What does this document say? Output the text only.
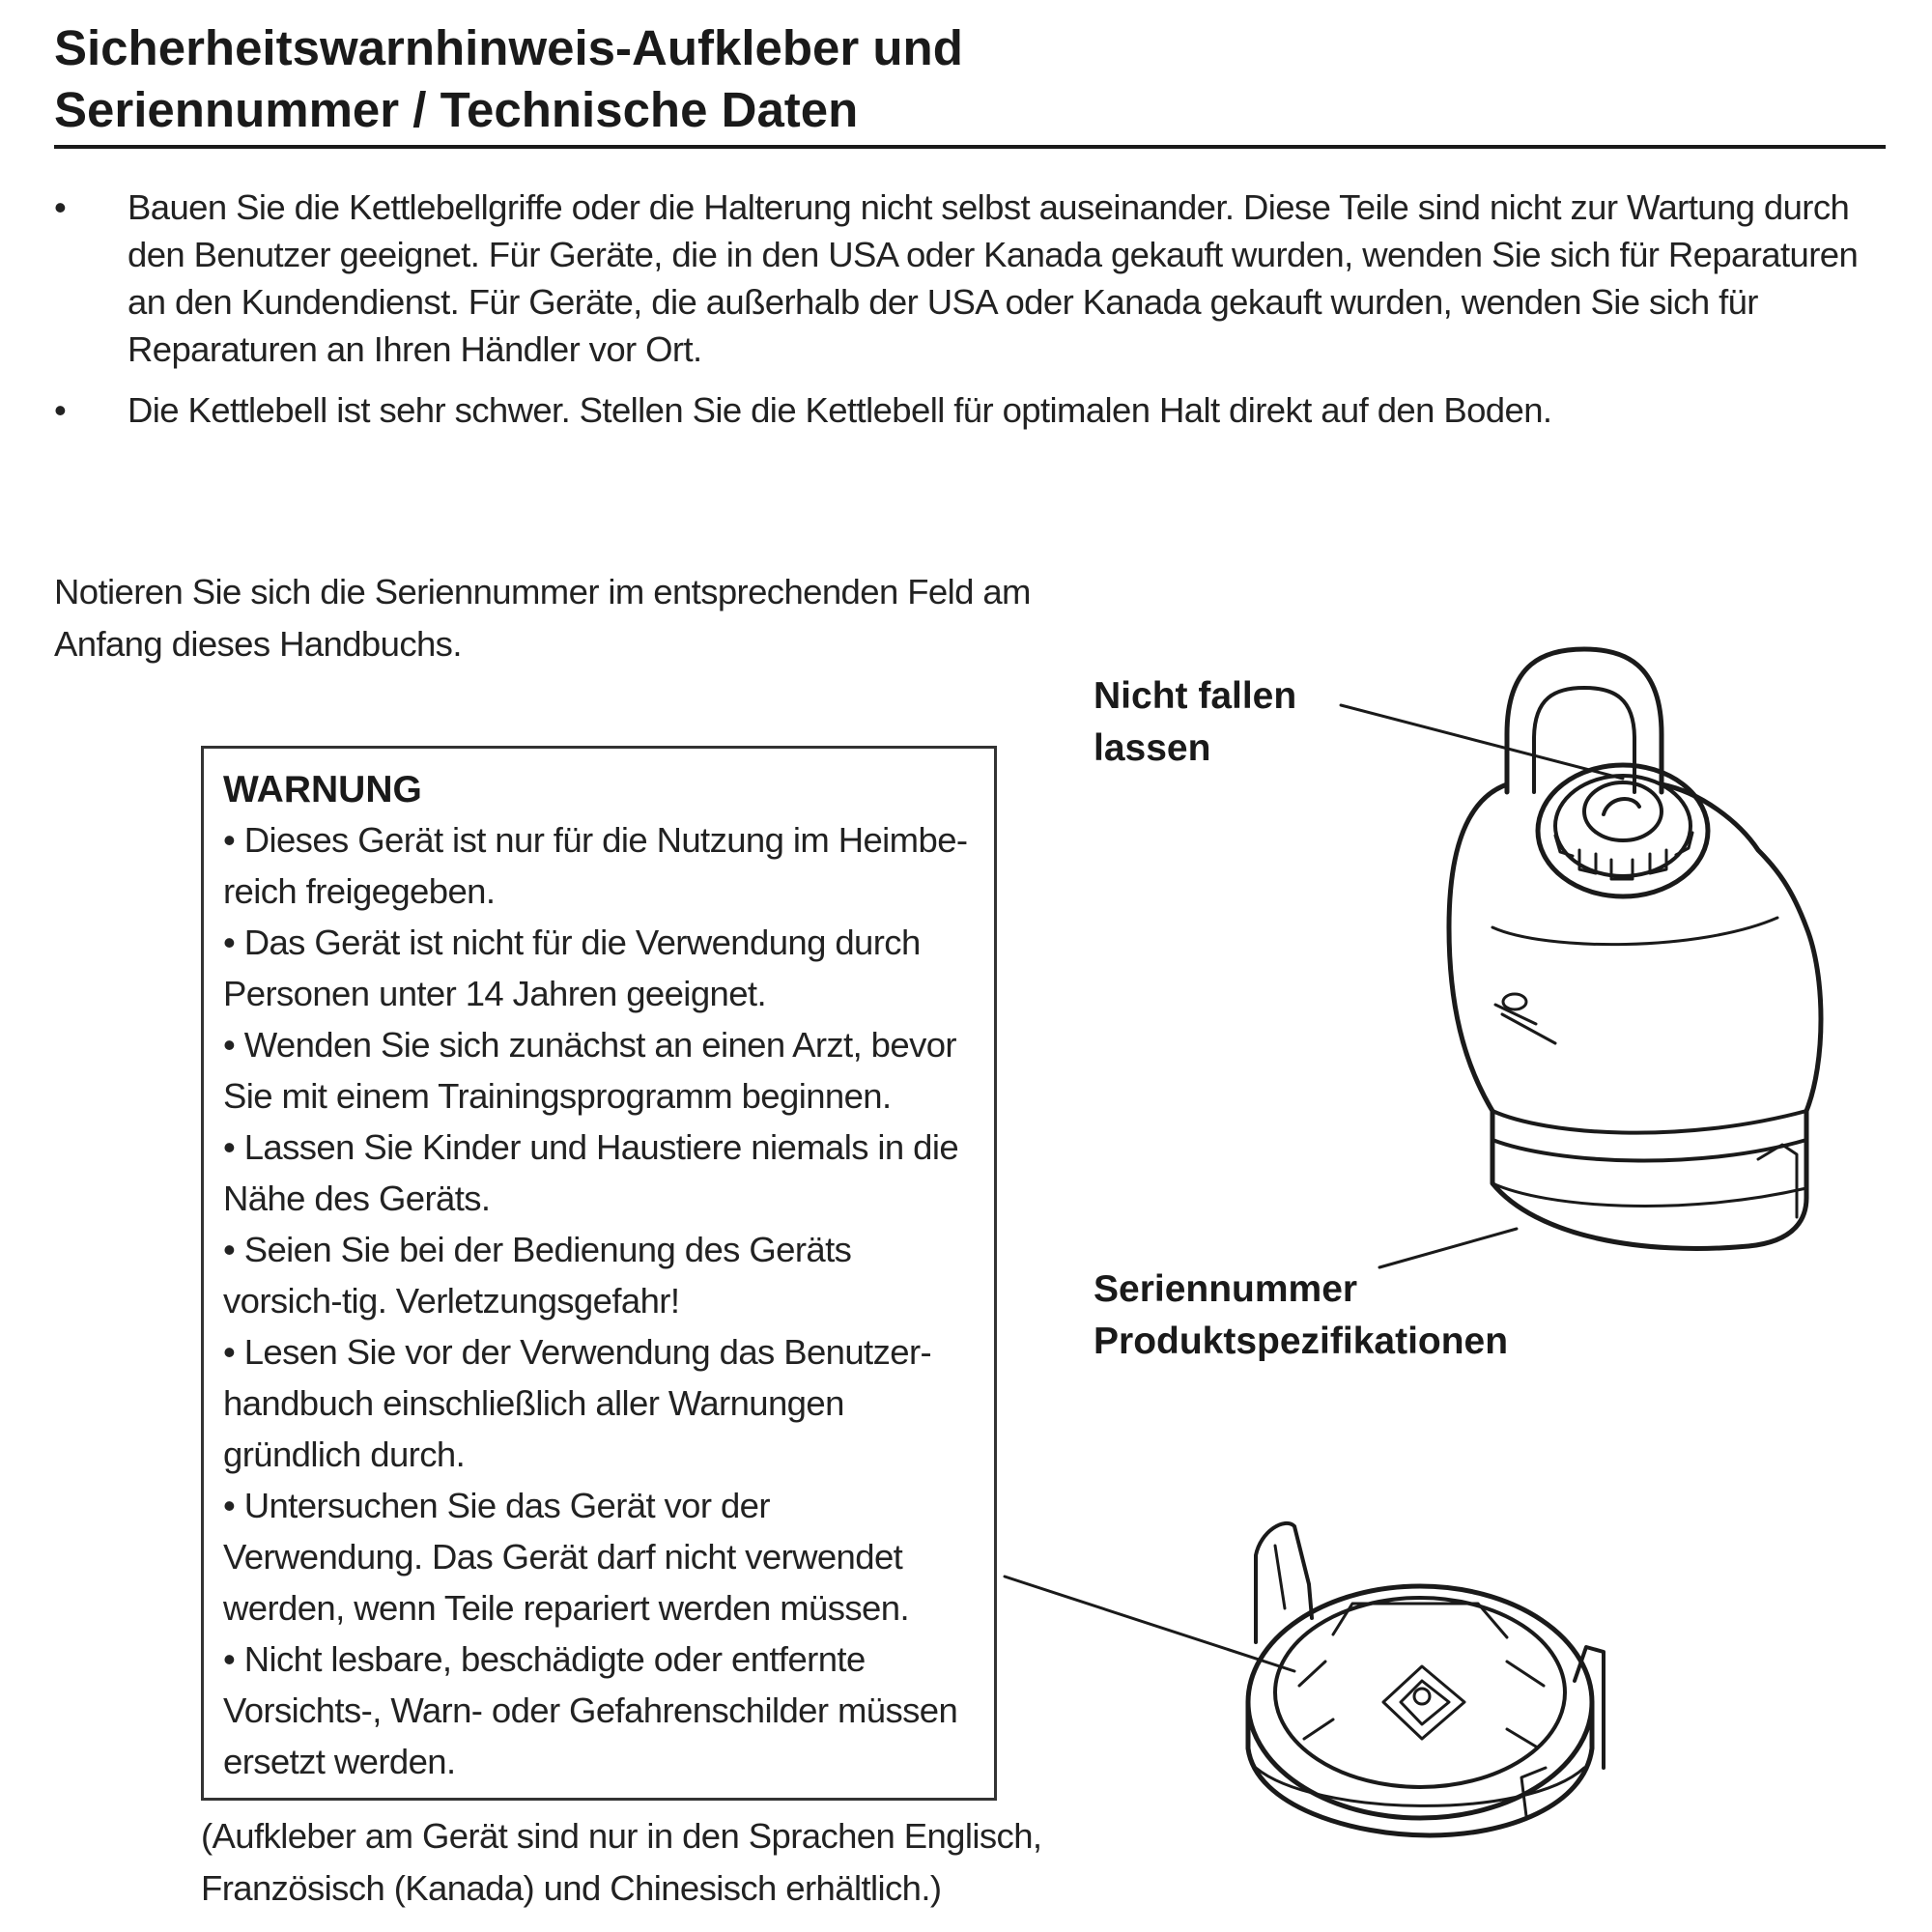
Sicherheitswarnhinweis-Aufkleber und
Seriennummer / Technische Daten
• Bauen Sie die Kettlebellgriffe oder die Halterung nicht selbst auseinander. Diese Teile sind nicht zur Wartung durch den Benutzer geeignet. Für Geräte, die in den USA oder Kanada gekauft wurden, wenden Sie sich für Reparaturen an den Kundendienst. Für Geräte, die außerhalb der USA oder Kanada gekauft wurden, wenden Sie sich für Reparaturen an Ihren Händler vor Ort.
• Die Kettlebell ist sehr schwer. Stellen Sie die Kettlebell für optimalen Halt direkt auf den Boden.

Notieren Sie sich die Seriennummer im entsprechenden Feld am Anfang dieses Handbuchs.

WARNUNG
• Dieses Gerät ist nur für die Nutzung im Heimbe-reich freigegeben.
• Das Gerät ist nicht für die Verwendung durch Personen unter 14 Jahren geeignet.
• Wenden Sie sich zunächst an einen Arzt, bevor Sie mit einem Trainingsprogramm beginnen.
• Lassen Sie Kinder und Haustiere niemals in die Nähe des Geräts.
• Seien Sie bei der Bedienung des Geräts vorsich-tig. Verletzungsgefahr!
• Lesen Sie vor der Verwendung das Benutzer-handbuch einschließlich aller Warnungen gründlich durch.
• Untersuchen Sie das Gerät vor der Verwendung. Das Gerät darf nicht verwendet werden, wenn Teile repariert werden müssen.
• Nicht lesbare, beschädigte oder entfernte Vorsichts-, Warn- oder Gefahrenschilder müssen ersetzt werden.

(Aufkleber am Gerät sind nur in den Sprachen Englisch, Französisch (Kanada) und Chinesisch erhältlich.)

Nicht fallen
lassen

Seriennummer
Produktspezifikationen
